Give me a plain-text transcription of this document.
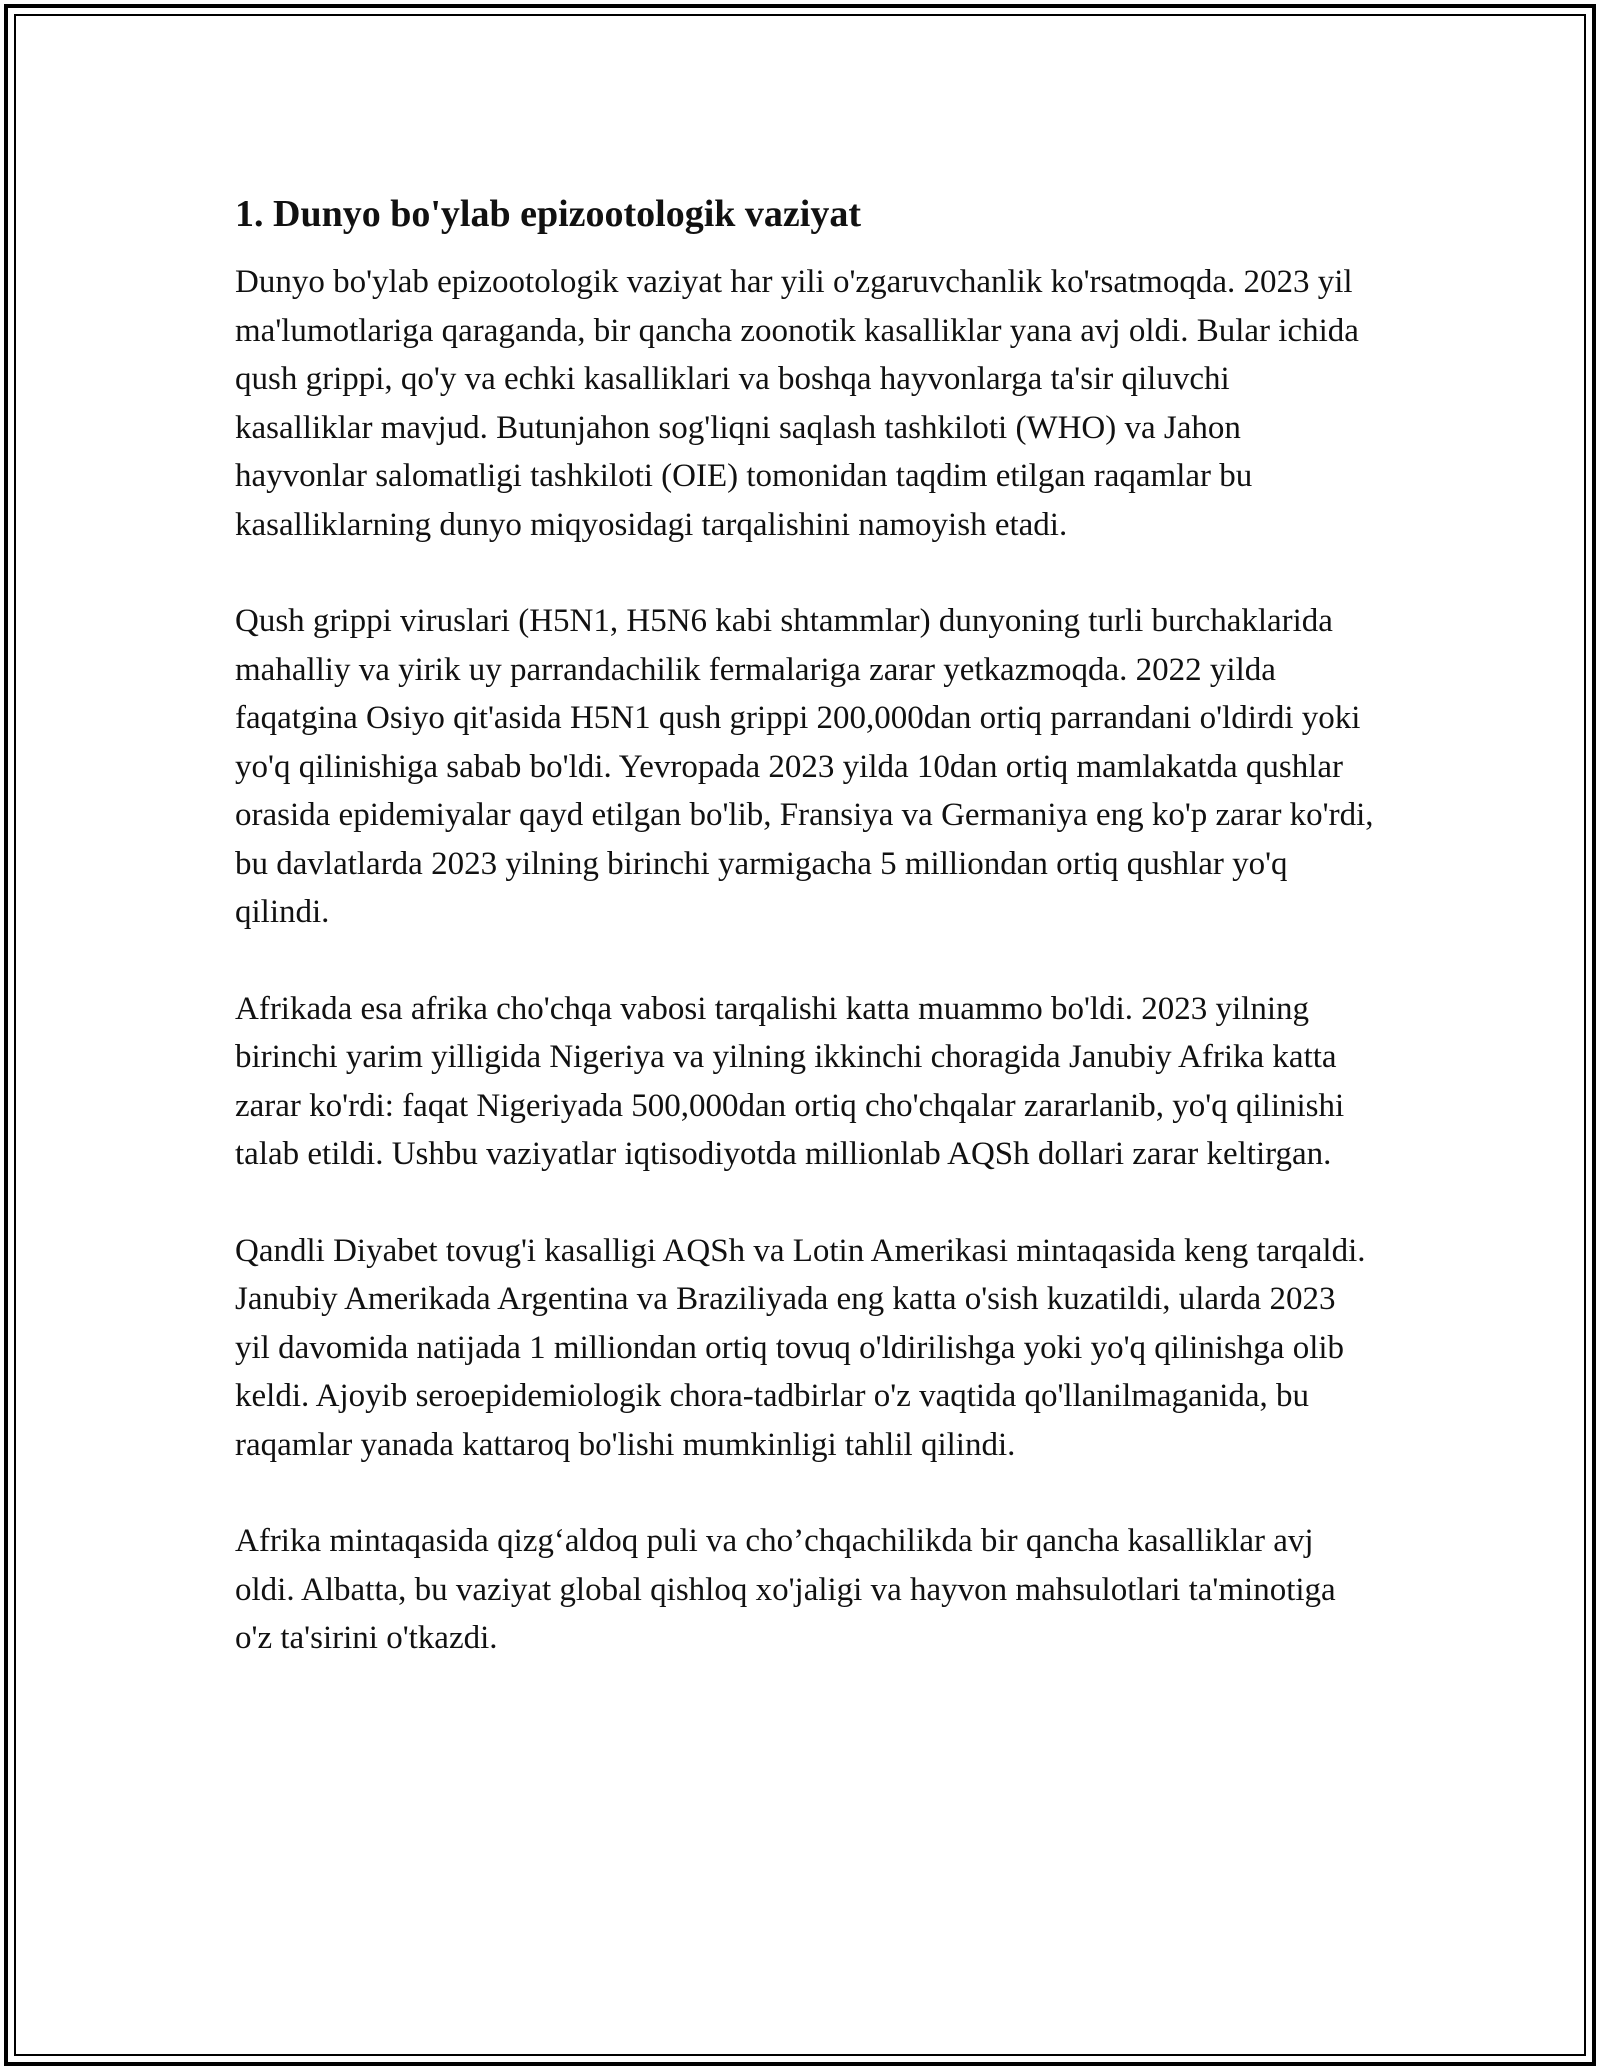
1. Dunyo bo'ylab epizootologik vaziyat

Dunyo bo'ylab epizootologik vaziyat har yili o'zgaruvchanlik ko'rsatmoqda. 2023 yil ma'lumotlariga qaraganda, bir qancha zoonotik kasalliklar yana avj oldi. Bular ichida qush grippi, qo'y va echki kasalliklari va boshqa hayvonlarga ta'sir qiluvchi kasalliklar mavjud. Butunjahon sog'liqni saqlash tashkiloti (WHO) va Jahon hayvonlar salomatligi tashkiloti (OIE) tomonidan taqdim etilgan raqamlar bu kasalliklarning dunyo miqyosidagi tarqalishini namoyish etadi.

Qush grippi viruslari (H5N1, H5N6 kabi shtammlar) dunyoning turli burchaklarida mahalliy va yirik uy parrandachilik fermalariga zarar yetkazmoqda. 2022 yilda faqatgina Osiyo qit'asida H5N1 qush grippi 200,000dan ortiq parrandani o'ldirdi yoki yo'q qilinishiga sabab bo'ldi. Yevropada 2023 yilda 10dan ortiq mamlakatda qushlar orasida epidemiyalar qayd etilgan bo'lib, Fransiya va Germaniya eng ko'p zarar ko'rdi, bu davlatlarda 2023 yilning birinchi yarmigacha 5 milliondan ortiq qushlar yo'q qilindi.

Afrikada esa afrika cho'chqa vabosi tarqalishi katta muammo bo'ldi. 2023 yilning birinchi yarim yilligida Nigeriya va yilning ikkinchi choragida Janubiy Afrika katta zarar ko'rdi: faqat Nigeriyada 500,000dan ortiq cho'chqalar zararlanib, yo'q qilinishi talab etildi. Ushbu vaziyatlar iqtisodiyotda millionlab AQSh dollari zarar keltirgan.

Qandli Diyabet tovug'i kasalligi AQSh va Lotin Amerikasi mintaqasida keng tarqaldi. Janubiy Amerikada Argentina va Braziliyada eng katta o'sish kuzatildi, ularda 2023 yil davomida natijada 1 milliondan ortiq tovuq o'ldirilishga yoki yo'q qilinishga olib keldi. Ajoyib seroepidemiologik chora-tadbirlar o'z vaqtida qo'llanilmaganida, bu raqamlar yanada kattaroq bo'lishi mumkinligi tahlil qilindi.

Afrika mintaqasida qizg‘aldoq puli va cho’chqachilikda bir qancha kasalliklar avj oldi. Albatta, bu vaziyat global qishloq xo'jaligi va hayvon mahsulotlari ta'minotiga o'z ta'sirini o'tkazdi.
